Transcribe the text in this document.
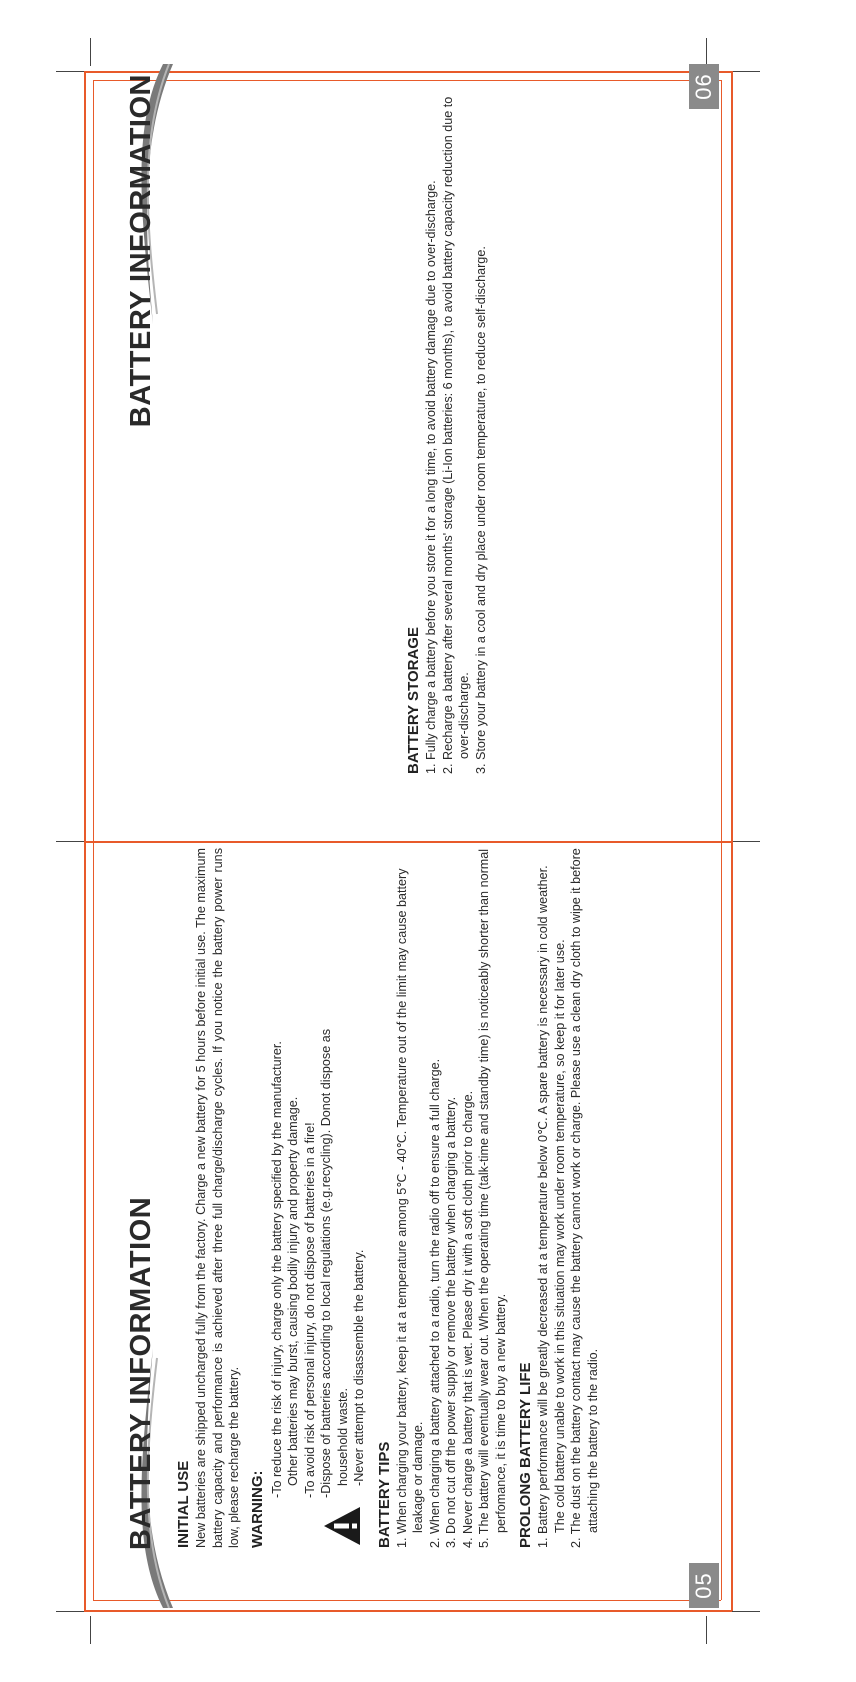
BATTERY INFORMATION
05
INITIAL USE New batteries are shipped uncharged fully from the factory. Charge a new battery for 5 hours before initial use. The maximum battery capacity and performance is achieved after three full charge/discharge cycles. If you notice the battery power runs low, please recharge the battery. WARNING:

-To reduce the risk of injury, charge only the battery specified by the manufacturer. Other batteries may burst, causing bodily injury and property damage. -To avoid risk of personal injury, do not dispose of batteries in a fire! -Dispose of batteries according to local regulations (e.g.recycling). Donot dispose as household waste. -Never attempt to disassemble the battery.

BATTERY TIPS 1. When charging your battery, keep it at a temperature among 5℃ - 40℃. Temperature out of the limit may cause battery leakage or damage. 2. When charging a battery attached to a radio, turn the radio off to ensure a full charge. 3. Do not cut off the power supply or remove the battery when charging a battery. 4. Never charge a battery that is wet. Please dry it with a soft cloth prior to charge. 5. The battery will eventually wear out. When the operating time (talk-time and standby time) is noticeably shorter than normal perfomance, it is time to buy a new battery. PROLONG BATTERY LIFE 1. Battery performance will be greatly decreased at a temperature below 0℃. A spare battery is necessary in cold weather. The cold battery unable to work in this situation may work under room temperature, so keep it for later use. 2. The dust on the battery contact may cause the battery cannot work or charge. Please use a clean dry cloth to wipe it before attaching the battery to the radio.

BATTERY INFORMATION	06
BATTERY STORAGE 1. Fully charge a battery before you store it for a long time, to avoid battery damage due to over-discharge. 2. Recharge a battery after several months' storage (Li-Ion batteries: 6 months), to avoid battery capacity reduction due to over-discharge. 3. Store your battery in a cool and dry place under room temperature, to reduce self-discharge.
